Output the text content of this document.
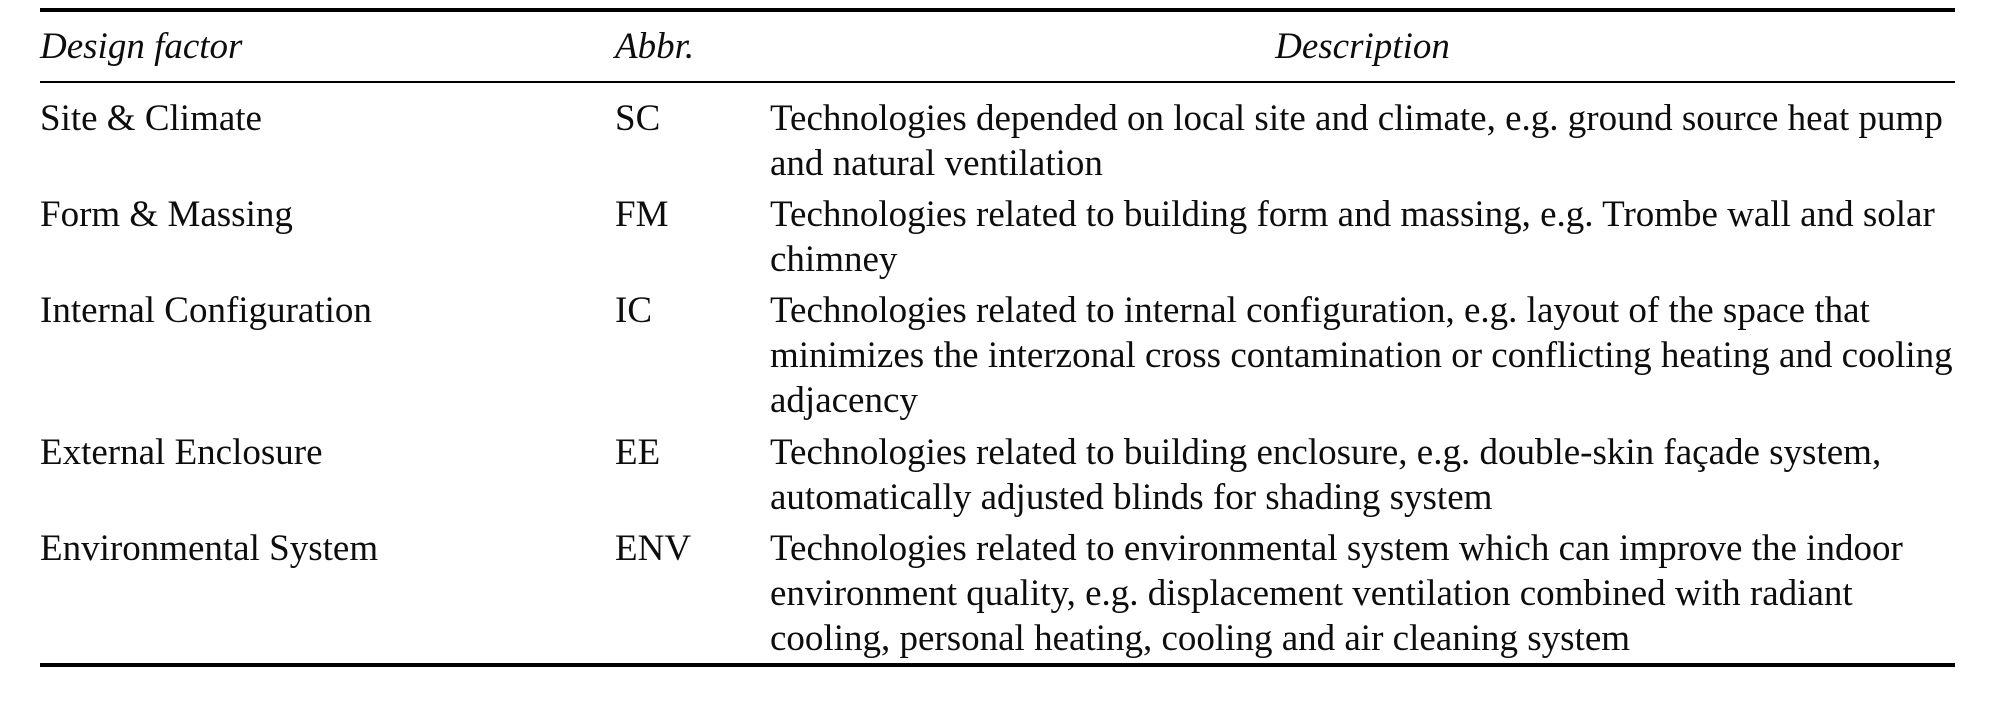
Design factor	Abbr.	Description

Site & Climate	SC	Technologies depended on local site and climate, e.g. ground source heat pump and natural ventilation
Form & Massing	FM	Technologies related to building form and massing, e.g. Trombe wall and solar chimney
Internal Configuration	IC	Technologies related to internal configuration, e.g. layout of the space that minimizes the interzonal cross contamination or conflicting heating and cooling adjacency
External Enclosure	EE	Technologies related to building enclosure, e.g. double-skin façade system, automatically adjusted blinds for shading system
Environmental System	ENV	Technologies related to environmental system which can improve the indoor environment quality, e.g. displacement ventilation combined with radiant cooling, personal heating, cooling and air cleaning system
